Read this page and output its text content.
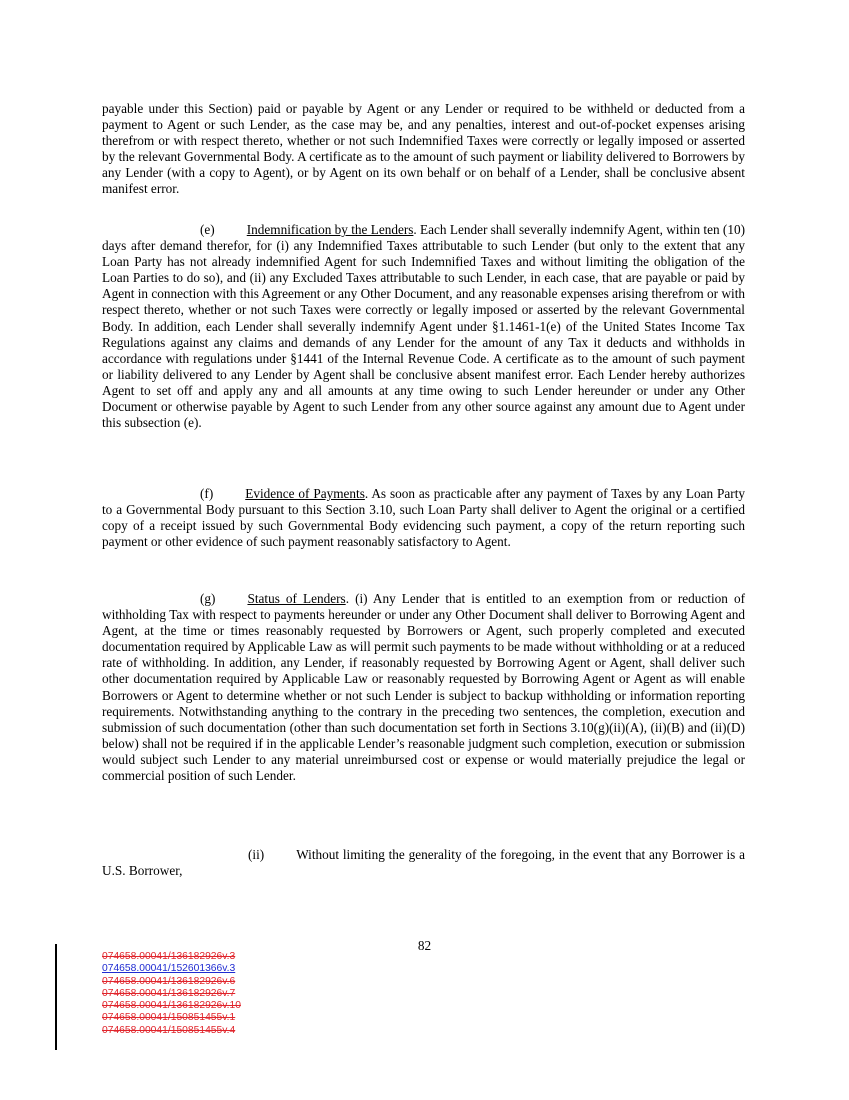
payable under this Section) paid or payable by Agent or any Lender or required to be withheld or deducted from a payment to Agent or such Lender, as the case may be, and any penalties, interest and out-of-pocket expenses arising therefrom or with respect thereto, whether or not such Indemnified Taxes were correctly or legally imposed or asserted by the relevant Governmental Body. A certificate as to the amount of such payment or liability delivered to Borrowers by any Lender (with a copy to Agent), or by Agent on its own behalf or on behalf of a Lender, shall be conclusive absent manifest error.

(e) Indemnification by the Lenders. Each Lender shall severally indemnify Agent, within ten (10) days after demand therefor, for (i) any Indemnified Taxes attributable to such Lender (but only to the extent that any Loan Party has not already indemnified Agent for such Indemnified Taxes and without limiting the obligation of the Loan Parties to do so), and (ii) any Excluded Taxes attributable to such Lender, in each case, that are payable or paid by Agent in connection with this Agreement or any Other Document, and any reasonable expenses arising therefrom or with respect thereto, whether or not such Taxes were correctly or legally imposed or asserted by the relevant Governmental Body. In addition, each Lender shall severally indemnify Agent under §1.1461-1(e) of the United States Income Tax Regulations against any claims and demands of any Lender for the amount of any Tax it deducts and withholds in accordance with regulations under §1441 of the Internal Revenue Code. A certificate as to the amount of such payment or liability delivered to any Lender by Agent shall be conclusive absent manifest error. Each Lender hereby authorizes Agent to set off and apply any and all amounts at any time owing to such Lender hereunder or under any Other Document or otherwise payable by Agent to such Lender from any other source against any amount due to Agent under this subsection (e).

(f) Evidence of Payments. As soon as practicable after any payment of Taxes by any Loan Party to a Governmental Body pursuant to this Section 3.10, such Loan Party shall deliver to Agent the original or a certified copy of a receipt issued by such Governmental Body evidencing such payment, a copy of the return reporting such payment or other evidence of such payment reasonably satisfactory to Agent.

(g) Status of Lenders. (i) Any Lender that is entitled to an exemption from or reduction of withholding Tax with respect to payments hereunder or under any Other Document shall deliver to Borrowing Agent and Agent, at the time or times reasonably requested by Borrowers or Agent, such properly completed and executed documentation required by Applicable Law as will permit such payments to be made without withholding or at a reduced rate of withholding. In addition, any Lender, if reasonably requested by Borrowing Agent or Agent, shall deliver such other documentation required by Applicable Law or reasonably requested by Borrowing Agent or Agent as will enable Borrowers or Agent to determine whether or not such Lender is subject to backup withholding or information reporting requirements. Notwithstanding anything to the contrary in the preceding two sentences, the completion, execution and submission of such documentation (other than such documentation set forth in Sections 3.10(g)(ii)(A), (ii)(B) and (ii)(D) below) shall not be required if in the applicable Lender’s reasonable judgment such completion, execution or submission would subject such Lender to any material unreimbursed cost or expense or would materially prejudice the legal or commercial position of such Lender.

(ii) Without limiting the generality of the foregoing, in the event that any Borrower is a U.S. Borrower,

82
074658.00041/136182926v.3
074658.00041/152601366v.3
074658.00041/136182926v.6
074658.00041/136182926v.7
074658.00041/136182926v.10
074658.00041/150851455v.1
074658.00041/150851455v.4
